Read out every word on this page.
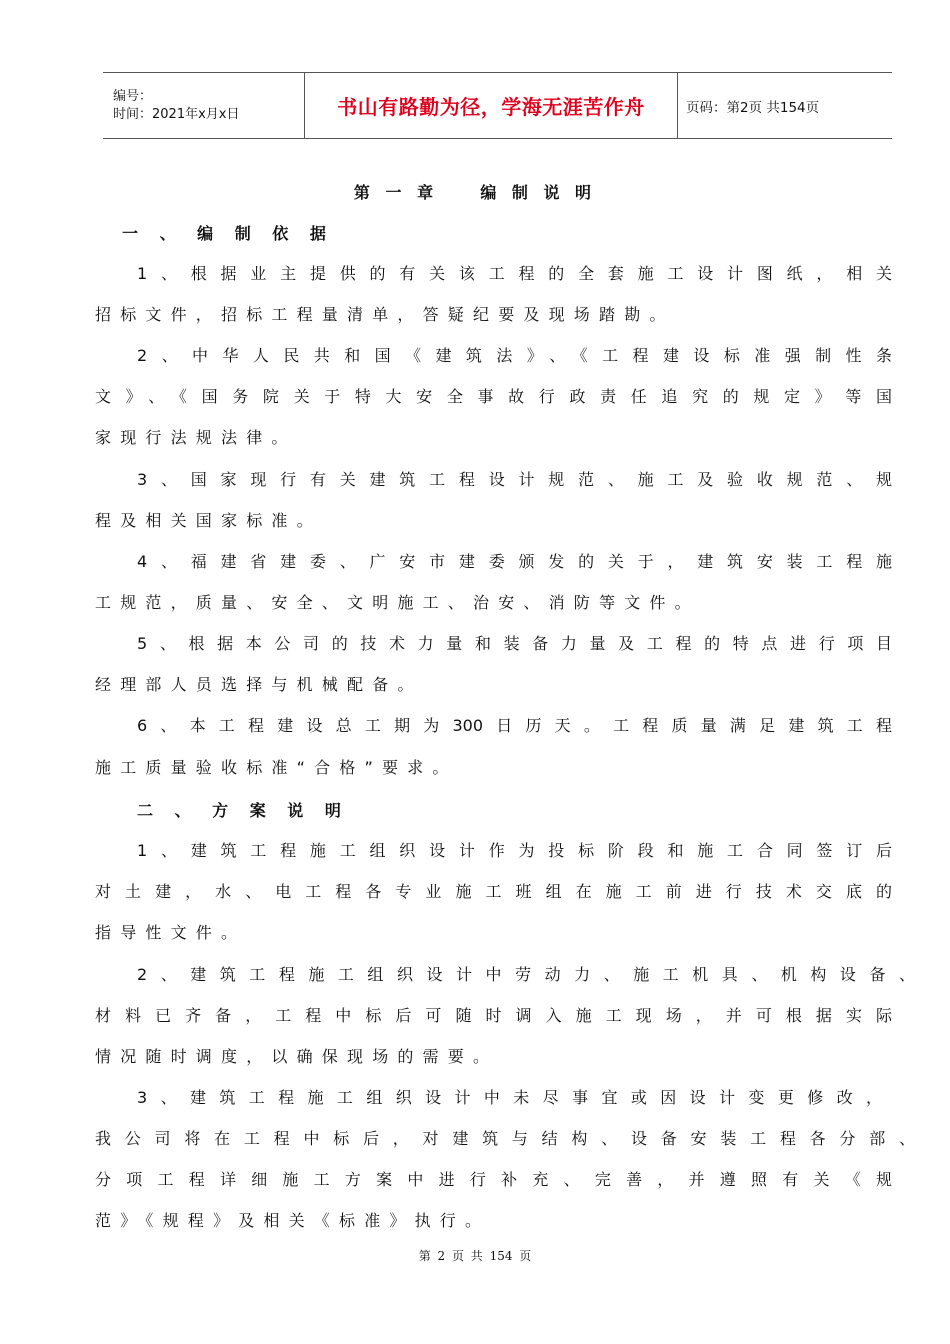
编号：
时间：2021年x月x日	书山有路勤为径，学海无涯苦作舟	页码：第2页 共154页
第 一 章    编 制 说 明
一 、 编 制 依 据
1、根据业主提供的有关该工程的全套施工设计图纸，相关
招标文件，招标工程量清单，答疑纪要及现场踏勘。
2、中华人民共和国《建筑法》、《工程建设标准强制性条
文》、《国务院关于特大安全事故行政责任追究的规定》等国
家现行法规法律。
3、国家现行有关建筑工程设计规范、施工及验收规范、规
程及相关国家标准。
4、福建省建委、广安市建委颁发的关于，建筑安装工程施
工规范，质量、安全、文明施工、治安、消防等文件。
5、根据本公司的技术力量和装备力量及工程的特点进行项目
经理部人员选择与机械配备。
6、本工程建设总工期为300日历天。工程质量满足建筑工程
施工质量验收标准“合格”要求。
二 、 方 案 说 明
1、建筑工程施工组织设计作为投标阶段和施工合同签订后
对土建，水、电工程各专业施工班组在施工前进行技术交底的
指导性文件。
2、建筑工程施工组织设计中劳动力、施工机具、机构设备、
材料已齐备，工程中标后可随时调入施工现场，并可根据实际
情况随时调度，以确保现场的需要。
3、建筑工程施工组织设计中未尽事宜或因设计变更修改，
我公司将在工程中标后，对建筑与结构、设备安装工程各分部、
分项工程详细施工方案中进行补充、完善，并遵照有关《规
范》《规程》及相关《标准》执行。
第 2 页 共 154 页
